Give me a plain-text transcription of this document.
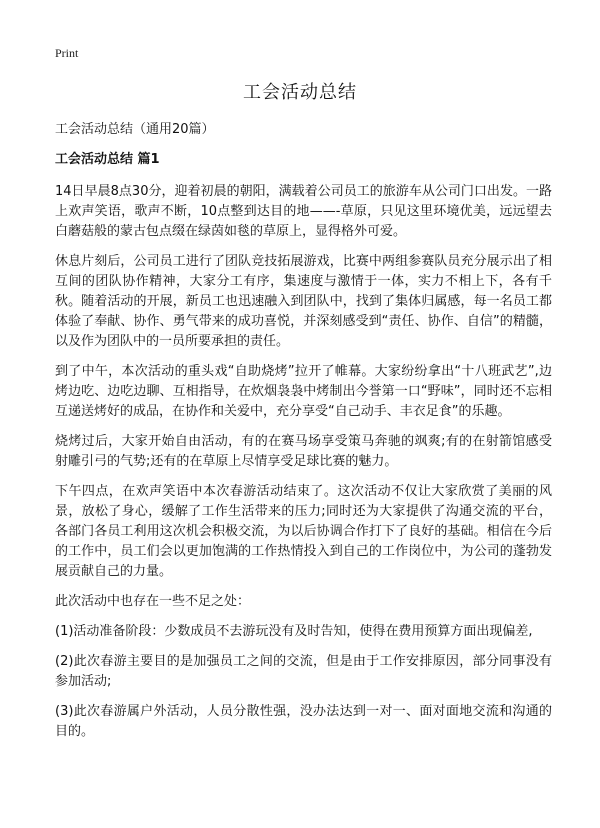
Print
工会活动总结

工会活动总结（通用20篇）

工会活动总结 篇1

14日早晨8点30分，迎着初晨的朝阳，满载着公司员工的旅游车从公司门口出发。一路上欢声笑语，歌声不断，10点整到达目的地——-草原，只见这里环境优美，远远望去白蘑菇般的蒙古包点缀在绿茵如毯的草原上，显得格外可爱。

休息片刻后，公司员工进行了团队竞技拓展游戏，比赛中两组参赛队员充分展示出了相互间的团队协作精神，大家分工有序，集速度与激情于一体，实力不相上下，各有千秋。随着活动的开展，新员工也迅速融入到团队中，找到了集体归属感，每一名员工都体验了奉献、协作、勇气带来的成功喜悦，并深刻感受到“责任、协作、自信”的精髓，以及作为团队中的一员所要承担的责任。

到了中午，本次活动的重头戏“自助烧烤”拉开了帷幕。大家纷纷拿出“十八班武艺”,边烤边吃、边吃边聊、互相指导，在炊烟袅袅中烤制出今誉第一口“野味”，同时还不忘相互递送烤好的成品，在协作和关爱中，充分享受“自己动手、丰衣足食”的乐趣。

烧烤过后，大家开始自由活动，有的在赛马场享受策马奔驰的飒爽;有的在射箭馆感受射雕引弓的气势;还有的在草原上尽情享受足球比赛的魅力。

下午四点，在欢声笑语中本次春游活动结束了。这次活动不仅让大家欣赏了美丽的风景，放松了身心，缓解了工作生活带来的压力;同时还为大家提供了沟通交流的平台，各部门各员工利用这次机会积极交流，为以后协调合作打下了良好的基础。相信在今后的工作中，员工们会以更加饱满的工作热情投入到自己的工作岗位中，为公司的蓬勃发展贡献自己的力量。

此次活动中也存在一些不足之处：

(1)活动准备阶段：少数成员不去游玩没有及时告知，使得在费用预算方面出现偏差,

(2)此次春游主要目的是加强员工之间的交流，但是由于工作安排原因，部分同事没有参加活动;

(3)此次春游属户外活动，人员分散性强，没办法达到一对一、面对面地交流和沟通的目的。
